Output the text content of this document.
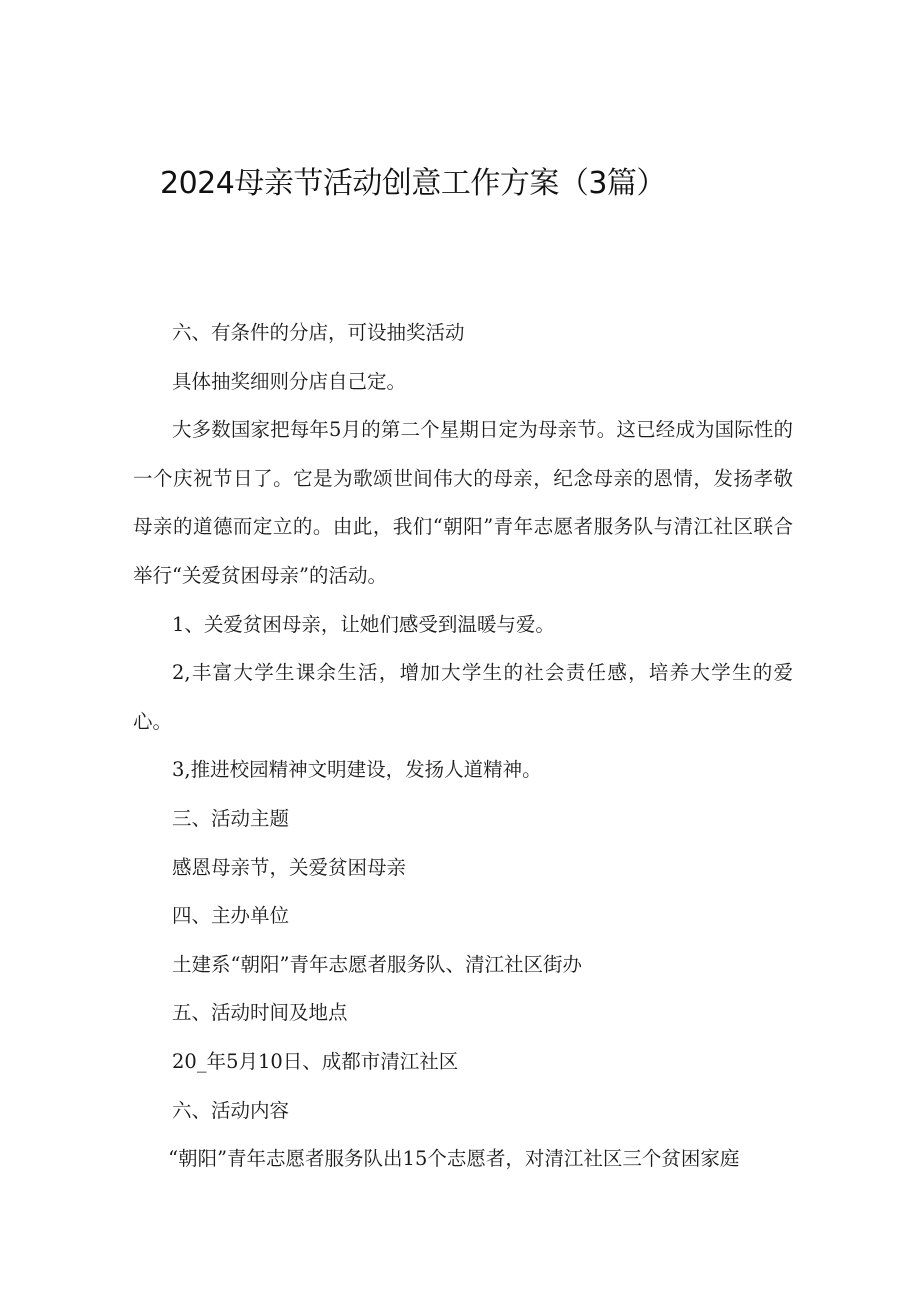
2024母亲节活动创意工作方案（3篇）

六、有条件的分店，可设抽奖活动

具体抽奖细则分店自己定。

大多数国家把每年5月的第二个星期日定为母亲节。这已经成为国际性的一个庆祝节日了。它是为歌颂世间伟大的母亲，纪念母亲的恩情，发扬孝敬母亲的道德而定立的。由此，我们“朝阳”青年志愿者服务队与清江社区联合举行“关爱贫困母亲”的活动。

1、关爱贫困母亲，让她们感受到温暖与爱。

2,丰富大学生课余生活，增加大学生的社会责任感，培养大学生的爱心。

3,推进校园精神文明建设，发扬人道精神。

三、活动主题

感恩母亲节，关爱贫困母亲

四、主办单位

土建系“朝阳”青年志愿者服务队、清江社区街办

五、活动时间及地点

20_年5月10日、成都市清江社区

六、活动内容

“朝阳”青年志愿者服务队出15个志愿者，对清江社区三个贫困家庭
